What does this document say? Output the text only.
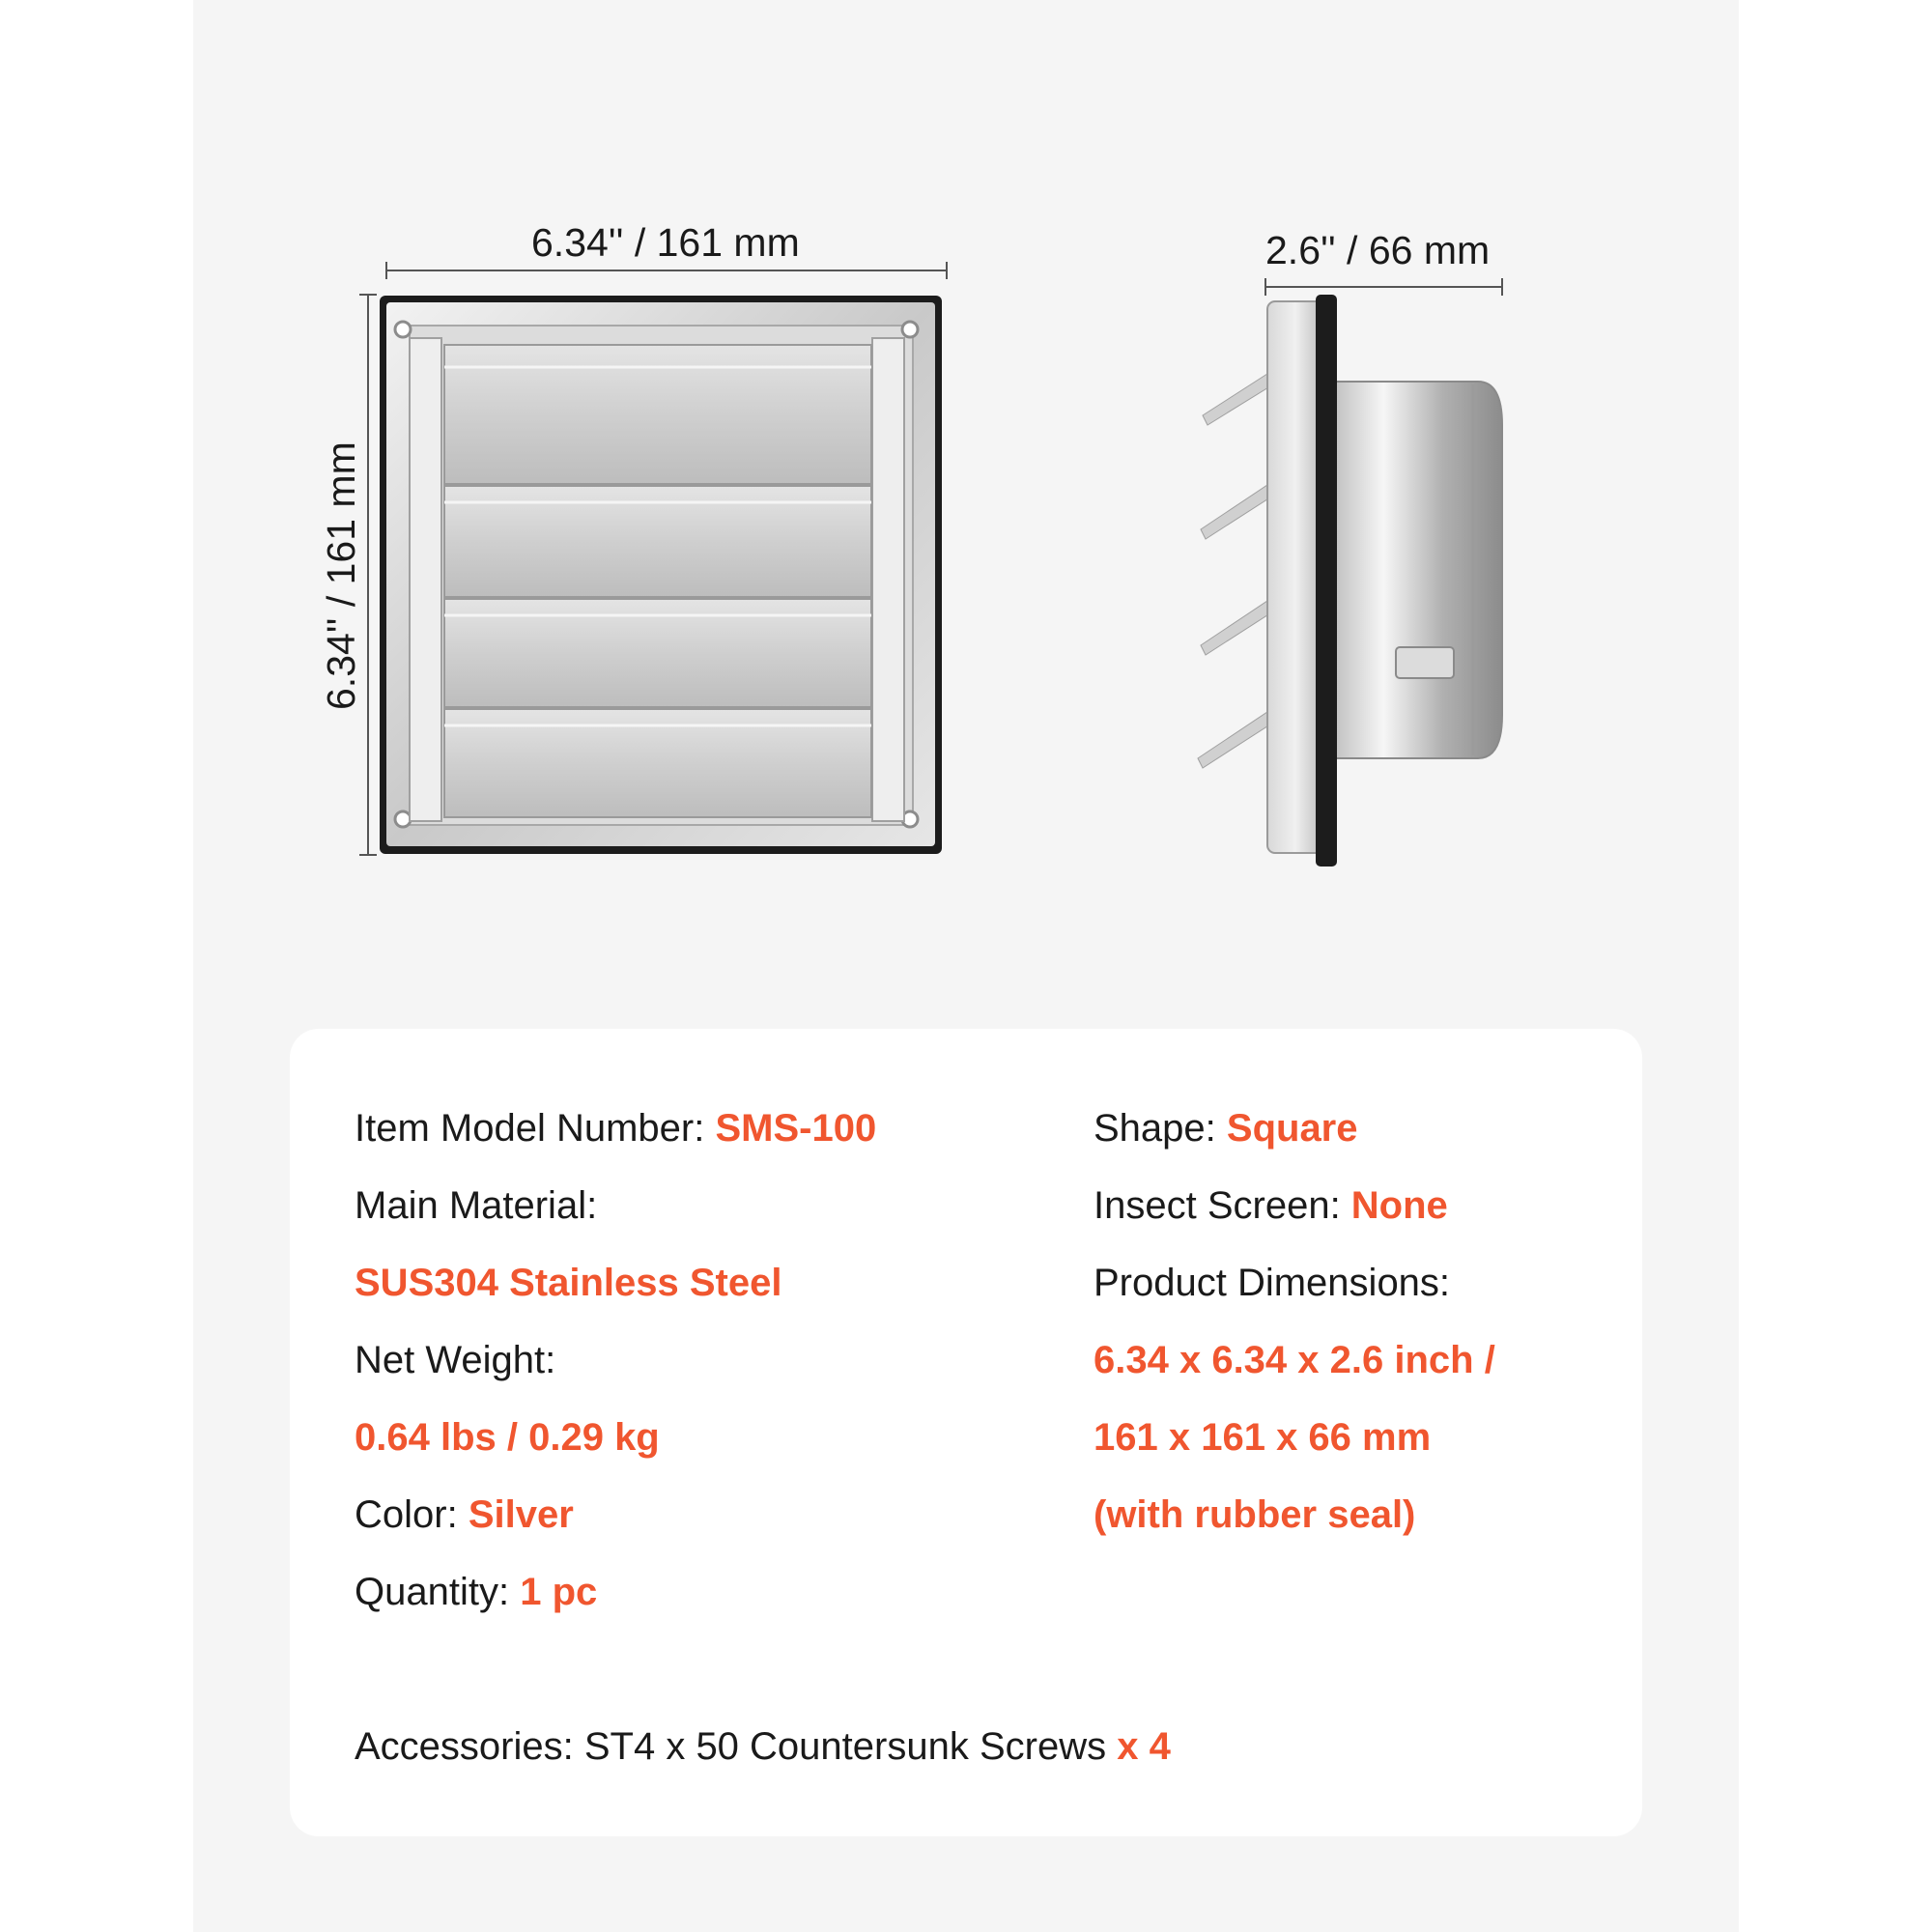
6.34'' / 161 mm
6.34'' / 161 mm
2.6'' / 66 mm
Item Model Number: SMS-100
Main Material:
SUS304 Stainless Steel
Net Weight:
0.64 lbs / 0.29 kg
Color: Silver
Quantity: 1 pc
Shape: Square
Insect Screen: None
Product Dimensions:
6.34 x 6.34 x 2.6 inch /
161 x 161 x 66 mm
(with rubber seal)
Accessories: ST4 x 50 Countersunk Screws x 4
